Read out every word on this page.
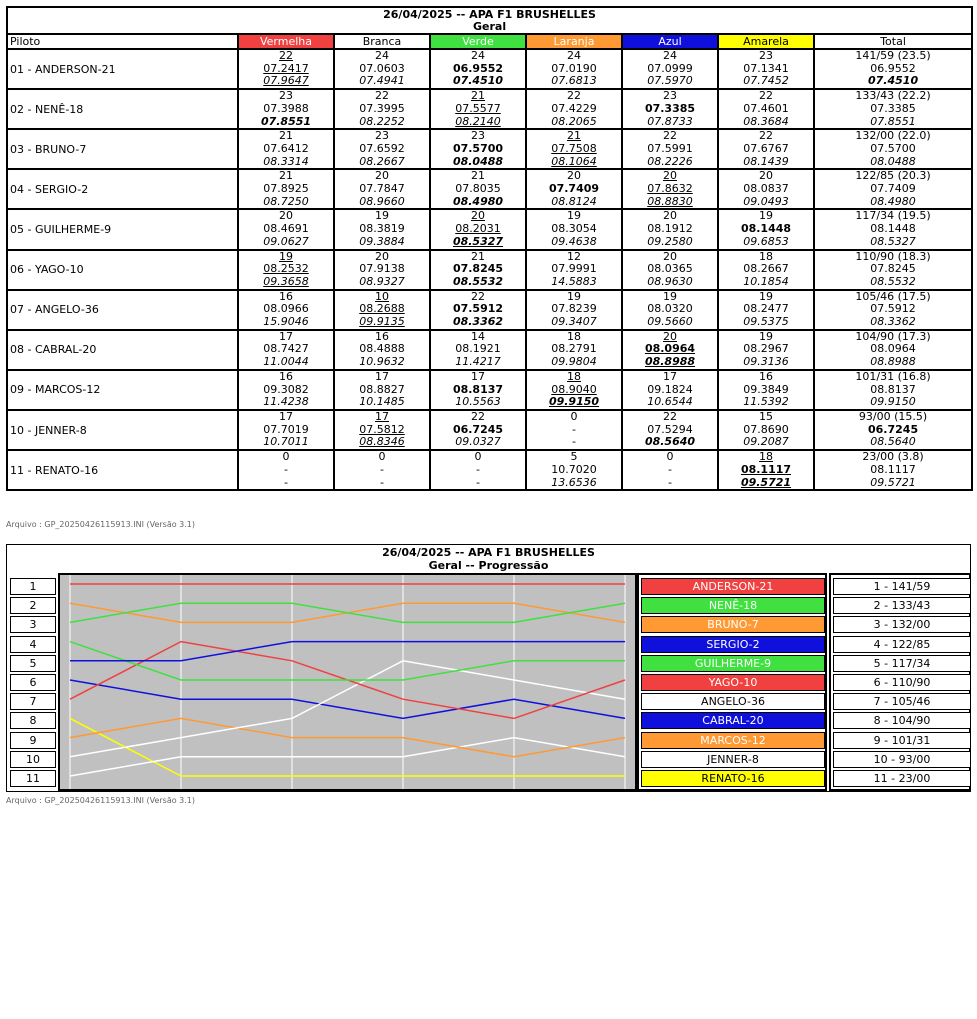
26/04/2025 -- APA F1 BRUSHELLES
Geral							

Piloto	Vermelha	Branca	Verde	Laranja	Azul	Amarela	Total
01 - ANDERSON-21	22
07.2417
07.9647	24
07.0603
07.4941	24
06.9552
07.4510	24
07.0190
07.6813	24
07.0999
07.5970	23
07.1341
07.7452	141/59 (23.5)
06.9552
07.4510

02 - NENÊ-18	23
07.3988
07.8551	22
07.3995
08.2252	21
07.5577
08.2140	22
07.4229
08.2065	23
07.3385
07.8733	22
07.4601
08.3684	133/43 (22.2)
07.3385
07.8551

03 - BRUNO-7	21
07.6412
08.3314	23
07.6592
08.2667	23
07.5700
08.0488	21
07.7508
08.1064	22
07.5991
08.2226	22
07.6767
08.1439	132/00 (22.0)
07.5700
08.0488

04 - SERGIO-2	21
07.8925
08.7250	20
07.7847
08.9660	21
07.8035
08.4980	20
07.7409
08.8124	20
07.8632
08.8830	20
08.0837
09.0493	122/85 (20.3)
07.7409
08.4980

05 - GUILHERME-9	20
08.4691
09.0627	19
08.3819
09.3884	20
08.2031
08.5327	19
08.3054
09.4638	20
08.1912
09.2580	19
08.1448
09.6853	117/34 (19.5)
08.1448
08.5327

06 - YAGO-10	19
08.2532
09.3658	20
07.9138
08.9327	21
07.8245
08.5532	12
07.9991
14.5883	20
08.0365
08.9630	18
08.2667
10.1854	110/90 (18.3)
07.8245
08.5532

07 - ANGELO-36	16
08.0966
15.9046	10
08.2688
09.9135	22
07.5912
08.3362	19
07.8239
09.3407	19
08.0320
09.5660	19
08.2477
09.5375	105/46 (17.5)
07.5912
08.3362

08 - CABRAL-20	17
08.7427
11.0044	16
08.4888
10.9632	14
08.1921
11.4217	18
08.2791
09.9804	20
08.0964
08.8988	19
08.2967
09.3136	104/90 (17.3)
08.0964
08.8988

09 - MARCOS-12	16
09.3082
11.4238	17
08.8827
10.1485	17
08.8137
10.5563	18
08.9040
09.9150	17
09.1824
10.6544	16
09.3849
11.5392	101/31 (16.8)
08.8137
09.9150

10 - JENNER-8	17
07.7019
10.7011	17
07.5812
08.8346	22
06.7245
09.0327	0
-
-	22
07.5294
08.5640	15
07.8690
09.2087	93/00 (15.5)
06.7245
08.5640

11 - RENATO-16	0
-
-	0
-
-	0
-
-	5
10.7020
13.6536	0
-
-	18
08.1117
09.5721	23/00 (3.8)
08.1117
09.5721
Arquivo : GP_20250426115913.INI (Versão 3.1)
26/04/2025 -- APA F1 BRUSHELLES
Geral -- Progressão
1
2
3
4
5
6
7
8
9
10
11
ANDERSON-21
NENÊ-18
BRUNO-7
SERGIO-2
GUILHERME-9
YAGO-10
ANGELO-36
CABRAL-20
MARCOS-12
JENNER-8
RENATO-16
1 - 141/59
2 - 133/43
3 - 132/00
4 - 122/85
5 - 117/34
6 - 110/90
7 - 105/46
8 - 104/90
9 - 101/31
10 - 93/00
11 - 23/00
Arquivo : GP_20250426115913.INI (Versão 3.1)
